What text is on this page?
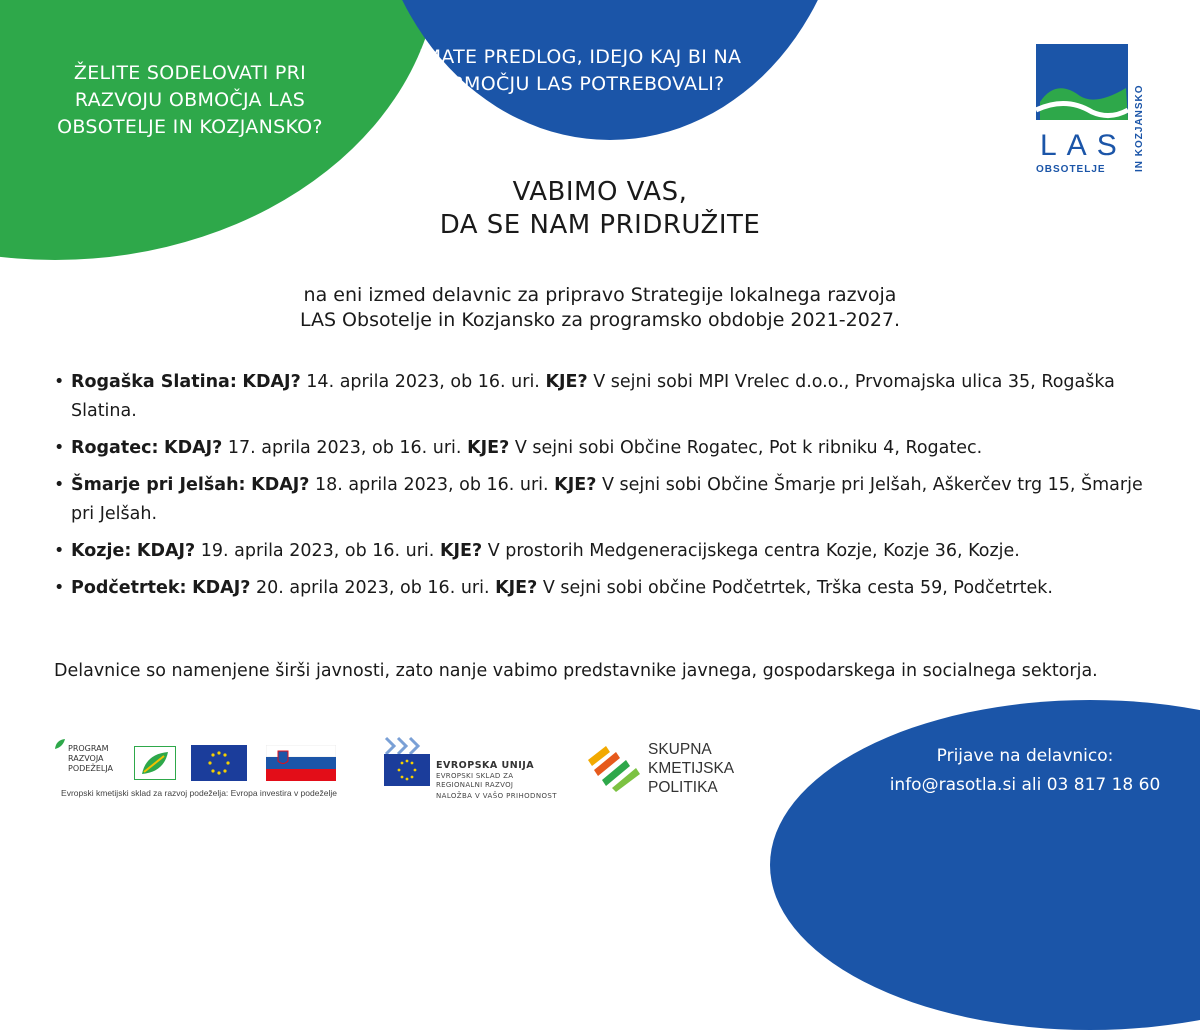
ŽELITE SODELOVATI PRI RAZVOJU OBMOČJA LAS OBSOTELJE IN KOZJANSKO?
IMATE PREDLOG, IDEJO KAJ BI NA OBMOČJU LAS POTREBOVALI?
LAS
OBSOTELJE	IN KOZJANSKO
VABIMO VAS,
DA SE NAM PRIDRUŽITE
na eni izmed delavnic za pripravo Strategije lokalnega razvoja
LAS Obsotelje in Kozjansko za programsko obdobje 2021-2027.
• Rogaška Slatina: KDAJ? 14. aprila 2023, ob 16. uri. KJE? V sejni sobi MPI Vrelec d.o.o., Prvomajska ulica 35, Rogaška Slatina.
• Rogatec: KDAJ? 17. aprila 2023, ob 16. uri. KJE? V sejni sobi Občine Rogatec, Pot k ribniku 4, Rogatec.
• Šmarje pri Jelšah: KDAJ? 18. aprila 2023, ob 16. uri. KJE? V sejni sobi Občine Šmarje pri Jelšah, Aškerčev trg 15, Šmarje pri Jelšah.
• Kozje: KDAJ? 19. aprila 2023, ob 16. uri. KJE? V prostorih Medgeneracijskega centra Kozje, Kozje 36, Kozje.
• Podčetrtek: KDAJ? 20. aprila 2023, ob 16. uri. KJE? V sejni sobi občine Podčetrtek, Trška cesta 59, Podčetrtek.
Delavnice so namenjene širši javnosti, zato nanje vabimo predstavnike javnega, gospodarskega in socialnega sektorja.
PROGRAM
RAZVOJA
PODEŽELJA
Evropski kmetijski sklad za razvoj podeželja: Evropa investira v podeželje
EVROPSKA UNIJA
EVROPSKI SKLAD ZA
REGIONALNI RAZVOJ
NALOŽBA V VAŠO PRIHODNOST
SKUPNA
KMETIJSKA
POLITIKA
Prijave na delavnico:
info@rasotla.si ali 03 817 18 60
